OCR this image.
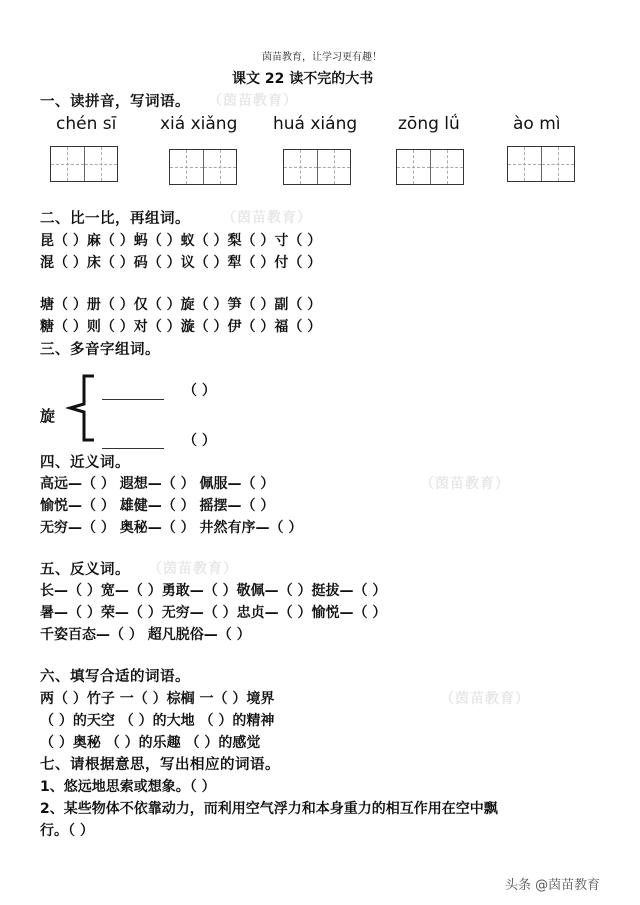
茵苗教育，让学习更有趣！
课文 22 读不完的大书
一、读拼音，写词语。 （茵苗教育）
chén sī	xiá xiǎng huá xiáng zōng lǘ	ào mì
二、比一比，再组词。 （茵苗教育）
昆（ ）麻（ ）蚂（ ）蚁（ ）梨（ ）寸（ ）
混（ ）床（ ）码（ ）议（ ）犁（ ）付（ ）
塘（ ）册（ ）仅（ ）旋（ ）笋（ ）副（ ）
糖（ ）则（ ）对（ ）漩（ ）伊（ ）福（ ）
三、多音字组词。
旋
（ ）
（ ）
四、近义词。
高远—（ ） 遐想—（ ） 佩服—（ ）	（茵苗教育）
愉悦—（ ） 雄健—（ ） 摇摆—（ ）
无穷—（ ） 奥秘—（ ） 井然有序—（ ）
五、反义词。 （茵苗教育）
长—（ ）宽—（ ）勇敢—（ ）敬佩—（ ）挺拔—（ ）
暑—（ ）荣—（ ）无穷—（ ）忠贞—（ ）愉悦—（ ）
千姿百态—（ ） 超凡脱俗—（ ）
六、填写合适的词语。
两（ ）竹子 一（ ）棕榈 一（ ）境界	（茵苗教育）
（ ）的天空 （ ）的大地 （ ）的精神
（ ）奥秘 （ ）的乐趣 （ ）的感觉
七、请根据意思，写出相应的词语。
1、悠远地思索或想象。（ ）
2、某些物体不依靠动力，而利用空气浮力和本身重力的相互作用在空中飘
行。（ ）
头条 @茵苗教育
